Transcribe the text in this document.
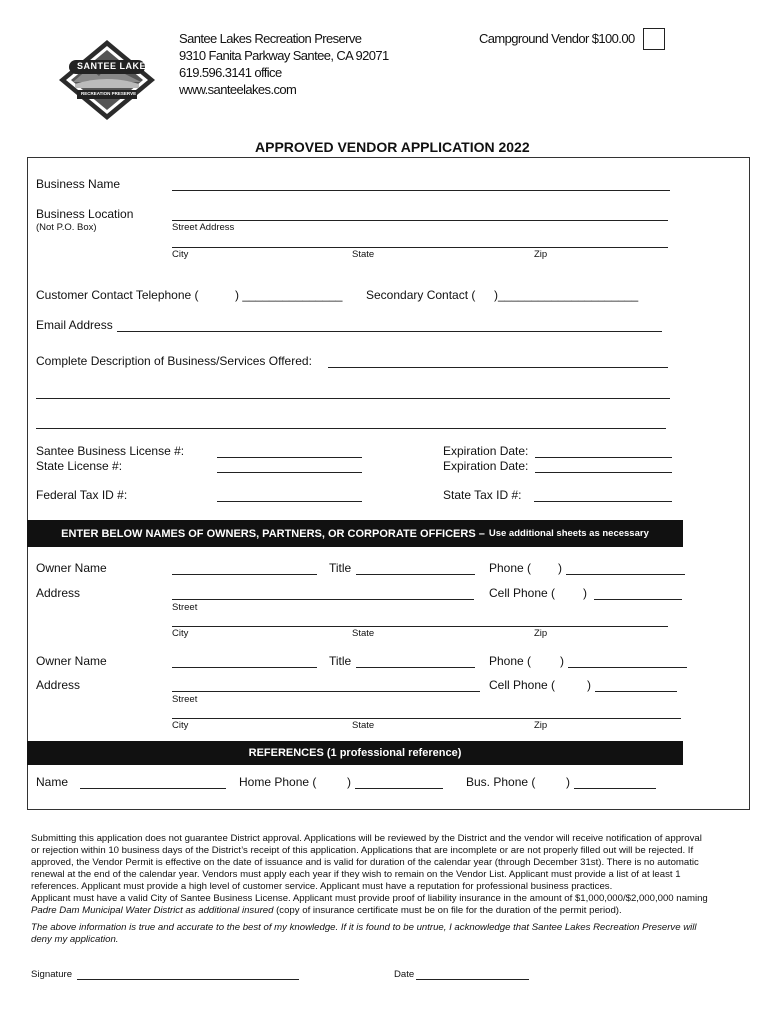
SANTEE LAKES
RECREATION PRESERVE
Santee Lakes Recreation Preserve
9310 Fanita Parkway Santee, CA 92071
619.596.3141 office
www.santeelakes.com
Campground Vendor $100.00
APPROVED VENDOR APPLICATION 2022
Business Name
Business Location
(Not P.O. Box)	Street Address
City	State	Zip
Customer Contact Telephone (	) _______________ Secondary Contact ( )_____________________
Email Address
Complete Description of Business/Services Offered:
Santee Business License #:	Expiration Date:
State License #:	Expiration Date:
Federal Tax ID #:	State Tax ID #:
ENTER BELOW NAMES OF OWNERS, PARTNERS, OR CORPORATE OFFICERS – Use additional sheets as necessary
Owner Name	Title	Phone ( )
Address	Cell Phone ( )
Street
City	State	Zip
Owner Name	Title	Phone ( )
Address	Cell Phone (	)
Street
City	State	Zip
REFERENCES (1 professional reference)
Name	Home Phone (	)	Bus. Phone (	)
Submitting this application does not guarantee District approval. Applications will be reviewed by the District and the vendor will receive notification of approval
or rejection within 10 business days of the District’s receipt of this application. Applications that are incomplete or are not properly filled out will be rejected. If
approved, the Vendor Permit is effective on the date of issuance and is valid for duration of the calendar year (through December 31st). There is no automatic
renewal at the end of the calendar year. Vendors must apply each year if they wish to remain on the Vendor List. Applicant must provide a list of at least 1
references. Applicant must provide a high level of customer service. Applicant must have a reputation for professional business practices.
Applicant must have a valid City of Santee Business License. Applicant must provide proof of liability insurance in the amount of $1,000,000/$2,000,000 naming
Padre Dam Municipal Water District as additional insured (copy of insurance certificate must be on file for the duration of the permit period).
The above information is true and accurate to the best of my knowledge. If it is found to be untrue, I acknowledge that Santee Lakes Recreation Preserve will
deny my application.
Signature	Date
